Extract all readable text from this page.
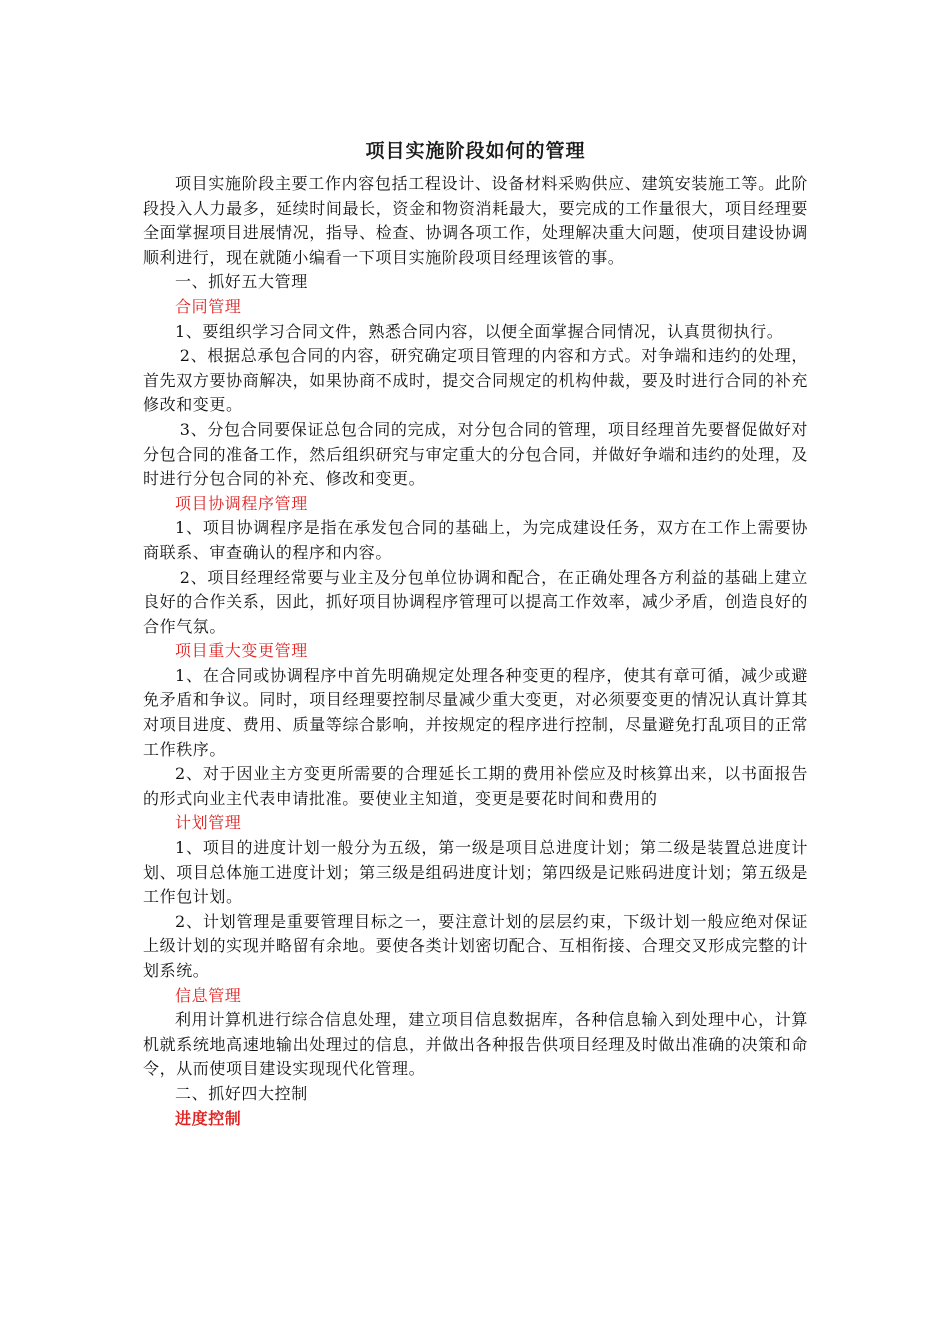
项目实施阶段如何的管理

项目实施阶段主要工作内容包括工程设计、设备材料采购供应、建筑安装施工等。此阶段投入人力最多，延续时间最长，资金和物资消耗最大，要完成的工作量很大，项目经理要全面掌握项目进展情况，指导、检查、协调各项工作，处理解决重大问题，使项目建设协调顺利进行，现在就随小编看一下项目实施阶段项目经理该管的事。

一、抓好五大管理

合同管理

1、要组织学习合同文件，熟悉合同内容，以便全面掌握合同情况，认真贯彻执行。

2、根据总承包合同的内容，研究确定项目管理的内容和方式。对争端和违约的处理，首先双方要协商解决，如果协商不成时，提交合同规定的机构仲裁，要及时进行合同的补充修改和变更。

3、分包合同要保证总包合同的完成，对分包合同的管理，项目经理首先要督促做好对分包合同的准备工作，然后组织研究与审定重大的分包合同，并做好争端和违约的处理，及时进行分包合同的补充、修改和变更。

项目协调程序管理

1、项目协调程序是指在承发包合同的基础上，为完成建设任务，双方在工作上需要协商联系、审查确认的程序和内容。

2、项目经理经常要与业主及分包单位协调和配合，在正确处理各方利益的基础上建立良好的合作关系，因此，抓好项目协调程序管理可以提高工作效率，减少矛盾，创造良好的合作气氛。

项目重大变更管理

1、在合同或协调程序中首先明确规定处理各种变更的程序，使其有章可循，减少或避免矛盾和争议。同时，项目经理要控制尽量减少重大变更，对必须要变更的情况认真计算其对项目进度、费用、质量等综合影响，并按规定的程序进行控制，尽量避免打乱项目的正常工作秩序。

2、对于因业主方变更所需要的合理延长工期的费用补偿应及时核算出来，以书面报告的形式向业主代表申请批准。要使业主知道，变更是要花时间和费用的

计划管理

1、项目的进度计划一般分为五级，第一级是项目总进度计划；第二级是装置总进度计划、项目总体施工进度计划；第三级是组码进度计划；第四级是记账码进度计划；第五级是工作包计划。

2、计划管理是重要管理目标之一，要注意计划的层层约束，下级计划一般应绝对保证上级计划的实现并略留有余地。要使各类计划密切配合、互相衔接、合理交叉形成完整的计划系统。

信息管理

利用计算机进行综合信息处理，建立项目信息数据库，各种信息输入到处理中心，计算机就系统地高速地输出处理过的信息，并做出各种报告供项目经理及时做出准确的决策和命令，从而使项目建设实现现代化管理。

二、抓好四大控制

进度控制
